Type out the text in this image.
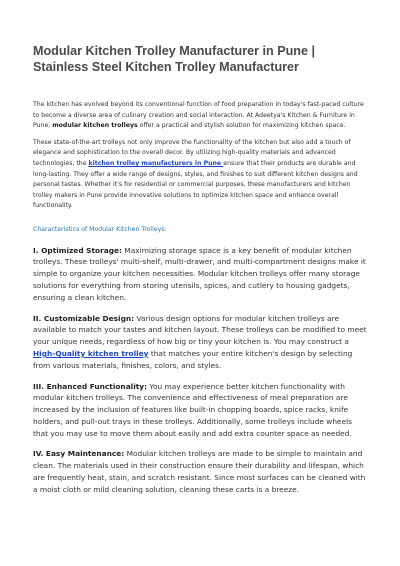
Modular Kitchen Trolley Manufacturer in Pune | Stainless Steel Kitchen Trolley Manufacturer

The kitchen has evolved beyond its conventional function of food preparation in today's fast-paced culture to become a diverse area of culinary creation and social interaction. At Adeetya's Kitchen & Furniture in Pune, modular kitchen trolleys offer a practical and stylish solution for maximizing kitchen space.

These state-of-the-art trolleys not only improve the functionality of the kitchen but also add a touch of elegance and sophistication to the overall decor. By utilizing high-quality materials and advanced technologies, the kitchen trolley manufacturers in Pune ensure that their products are durable and long-lasting. They offer a wide range of designs, styles, and finishes to suit different kitchen designs and personal tastes. Whether it's for residential or commercial purposes, these manufacturers and kitchen trolley makers in Pune provide innovative solutions to optimize kitchen space and enhance overall functionality.

Characteristics of Modular Kitchen Trolleys:

I. Optimized Storage: Maximizing storage space is a key benefit of modular kitchen trolleys. These trolleys' multi-shelf, multi-drawer, and multi-compartment designs make it simple to organize your kitchen necessities. Modular kitchen trolleys offer many storage solutions for everything from storing utensils, spices, and cutlery to housing gadgets, ensuring a clean kitchen.

II. Customizable Design: Various design options for modular kitchen trolleys are available to match your tastes and kitchen layout. These trolleys can be modified to meet your unique needs, regardless of how big or tiny your kitchen is. You may construct a High-Quality kitchen trolley that matches your entire kitchen's design by selecting from various materials, finishes, colors, and styles.

III. Enhanced Functionality: You may experience better kitchen functionality with modular kitchen trolleys. The convenience and effectiveness of meal preparation are increased by the inclusion of features like built-in chopping boards, spice racks, knife holders, and pull-out trays in these trolleys. Additionally, some trolleys include wheels that you may use to move them about easily and add extra counter space as needed.

IV. Easy Maintenance: Modular kitchen trolleys are made to be simple to maintain and clean. The materials used in their construction ensure their durability and lifespan, which are frequently heat, stain, and scratch resistant. Since most surfaces can be cleaned with a moist cloth or mild cleaning solution, cleaning these carts is a breeze.
